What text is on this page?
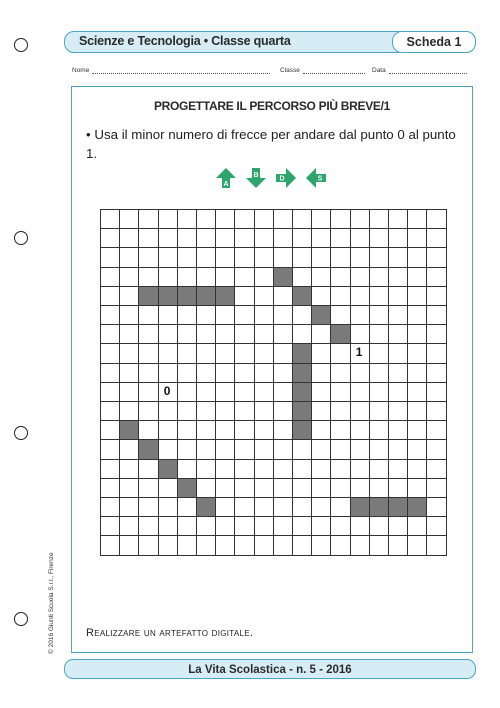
Scienze e Tecnologia • Classe quarta	Scheda 1
Nome	Classe	Data
PROGETTARE IL PERCORSO PIÙ BREVE/1
• Usa il minor numero di frecce per andare dal punto 0 al punto 1.
A
B	D	S
0
1
Realizzare un artefatto digitale.
© 2016 Giunti Scuola S.r.l., Firenze
La Vita Scolastica - n. 5 - 2016
